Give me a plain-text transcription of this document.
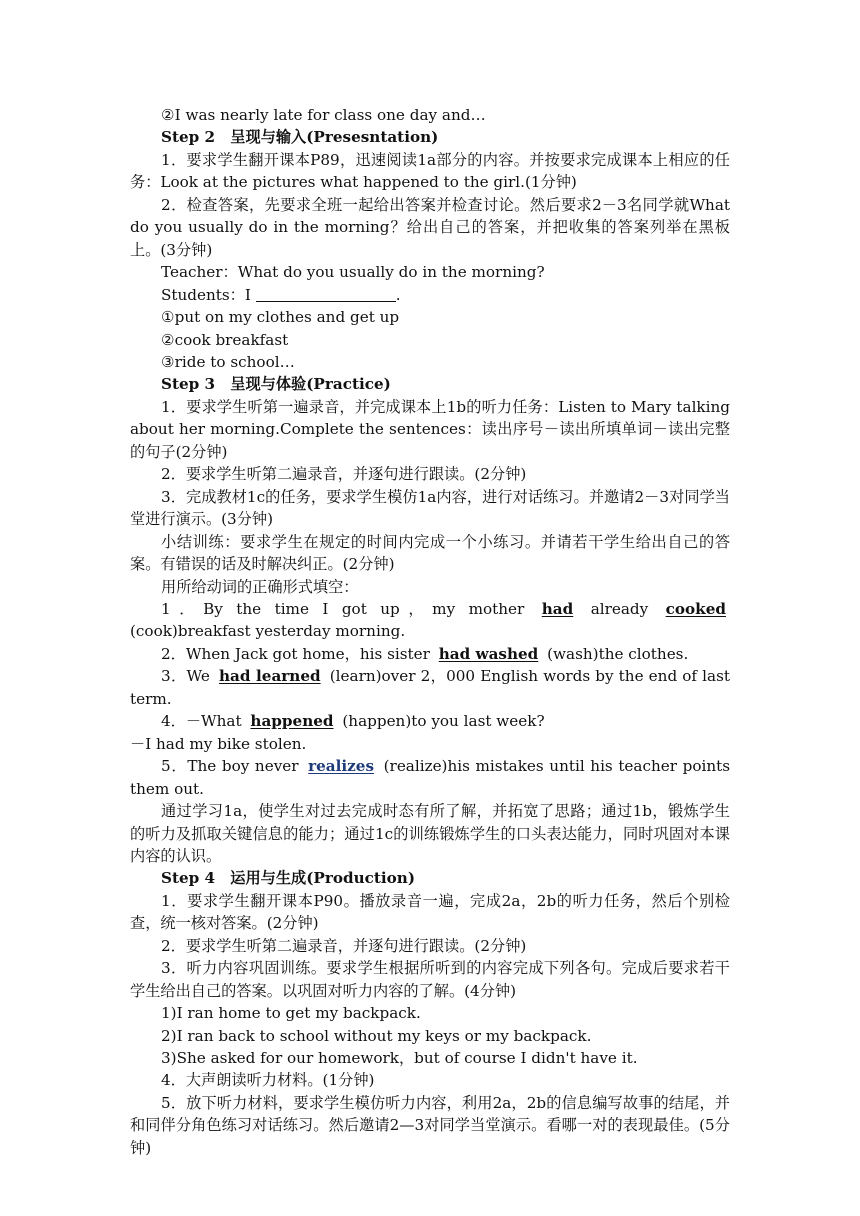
②I was nearly late for class one day and…

Step 2　呈现与输入(Presesntation)

1．要求学生翻开课本P89，迅速阅读1a部分的内容。并按要求完成课本上相应的任务：Look at the pictures what happened to the girl.(1分钟)

2．检查答案，先要求全班一起给出答案并检查讨论。然后要求2－3名同学就What do you usually do in the morning？给出自己的答案，并把收集的答案列举在黑板上。(3分钟)

Teacher：What do you usually do in the morning?

Students：I	.

①put on my clothes and get up

②cook breakfast

③ride to school…

Step 3　呈现与体验(Practice)

1．要求学生听第一遍录音，并完成课本上1b的听力任务：Listen to Mary talking about her morning.Complete the sentences：读出序号－读出所填单词－读出完整的句子(2分钟)

2．要求学生听第二遍录音，并逐句进行跟读。(2分钟)

3．完成教材1c的任务，要求学生模仿1a内容，进行对话练习。并邀请2－3对同学当堂进行演示。(3分钟)

小结训练：要求学生在规定的时间内完成一个小练习。并请若干学生给出自己的答案。有错误的话及时解决纠正。(2分钟)

用所给动词的正确形式填空：

1．By the time I got up，my mother had already cooked (cook)breakfast yesterday morning.

2．When Jack got home，his sister had washed (wash)the clothes.

3．We had learned (learn)over 2，000 English words by the end of last term.

4．－What happened (happen)to you last week?

－I had my bike stolen.

5．The boy never realizes (realize)his mistakes until his teacher points them out.

通过学习1a，使学生对过去完成时态有所了解，并拓宽了思路；通过1b，锻炼学生的听力及抓取关键信息的能力；通过1c的训练锻炼学生的口头表达能力，同时巩固对本课内容的认识。

Step 4　运用与生成(Production)

1．要求学生翻开课本P90。播放录音一遍，完成2a，2b的听力任务，然后个别检查，统一核对答案。(2分钟)

2．要求学生听第二遍录音，并逐句进行跟读。(2分钟)

3．听力内容巩固训练。要求学生根据所听到的内容完成下列各句。完成后要求若干学生给出自己的答案。以巩固对听力内容的了解。(4分钟)

1)I ran home to get my backpack.

2)I ran back to school without my keys or my backpack.

3)She asked for our homework，but of course I didn't have it.

4．大声朗读听力材料。(1分钟)

5．放下听力材料，要求学生模仿听力内容，利用2a，2b的信息编写故事的结尾，并和同伴分角色练习对话练习。然后邀请2—3对同学当堂演示。看哪一对的表现最佳。(5分钟)
